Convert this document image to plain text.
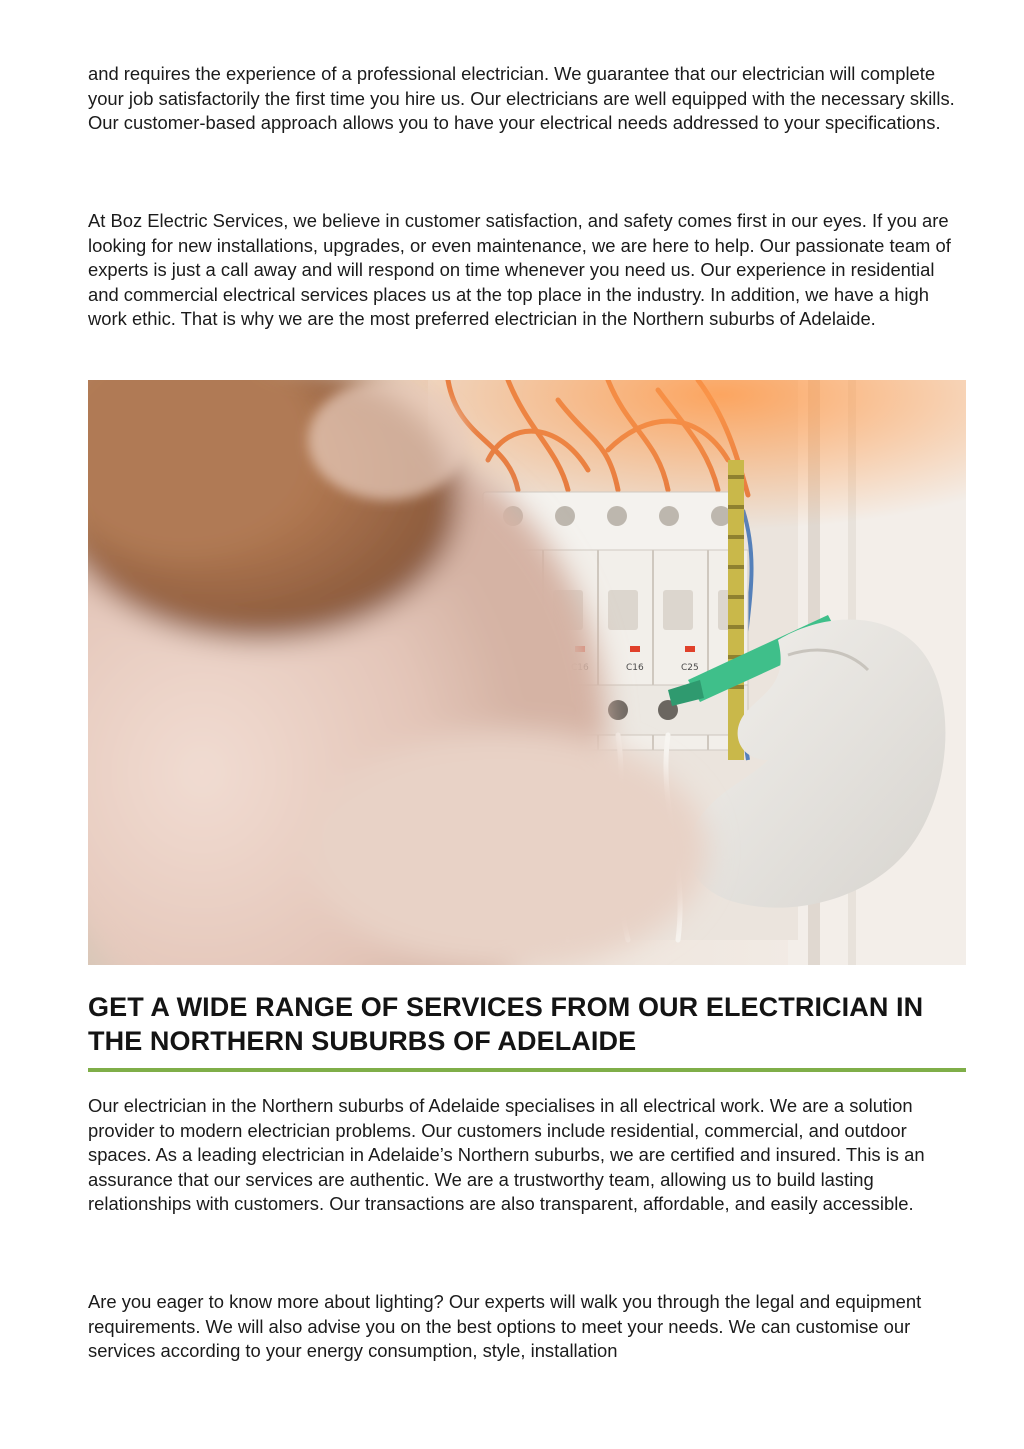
and requires the experience of a professional electrician. We guarantee that our electrician will complete your job satisfactorily the first time you hire us. Our electricians are well equipped with the necessary skills. Our customer-based approach allows you to have your electrical needs addressed to your specifications.

At Boz Electric Services, we believe in customer satisfaction, and safety comes first in our eyes. If you are looking for new installations, upgrades, or even maintenance, we are here to help. Our passionate team of experts is just a call away and will respond on time whenever you need us. Our experience in residential and commercial electrical services places us at the top place in the industry. In addition, we have a high work ethic. That is why we are the most preferred electrician in the Northern suburbs of Adelaide.

C16	C25
GET A WIDE RANGE OF SERVICES FROM OUR ELECTRICIAN IN THE NORTHERN SUBURBS OF ADELAIDE

Our electrician in the Northern suburbs of Adelaide specialises in all electrical work. We are a solution provider to modern electrician problems. Our customers include residential, commercial, and outdoor spaces. As a leading electrician in Adelaide’s Northern suburbs, we are certified and insured. This is an assurance that our services are authentic. We are a trustworthy team, allowing us to build lasting relationships with customers. Our transactions are also transparent, affordable, and easily accessible.

Are you eager to know more about lighting? Our experts will walk you through the legal and equipment requirements. We will also advise you on the best options to meet your needs. We can customise our services according to your energy consumption, style, installation
